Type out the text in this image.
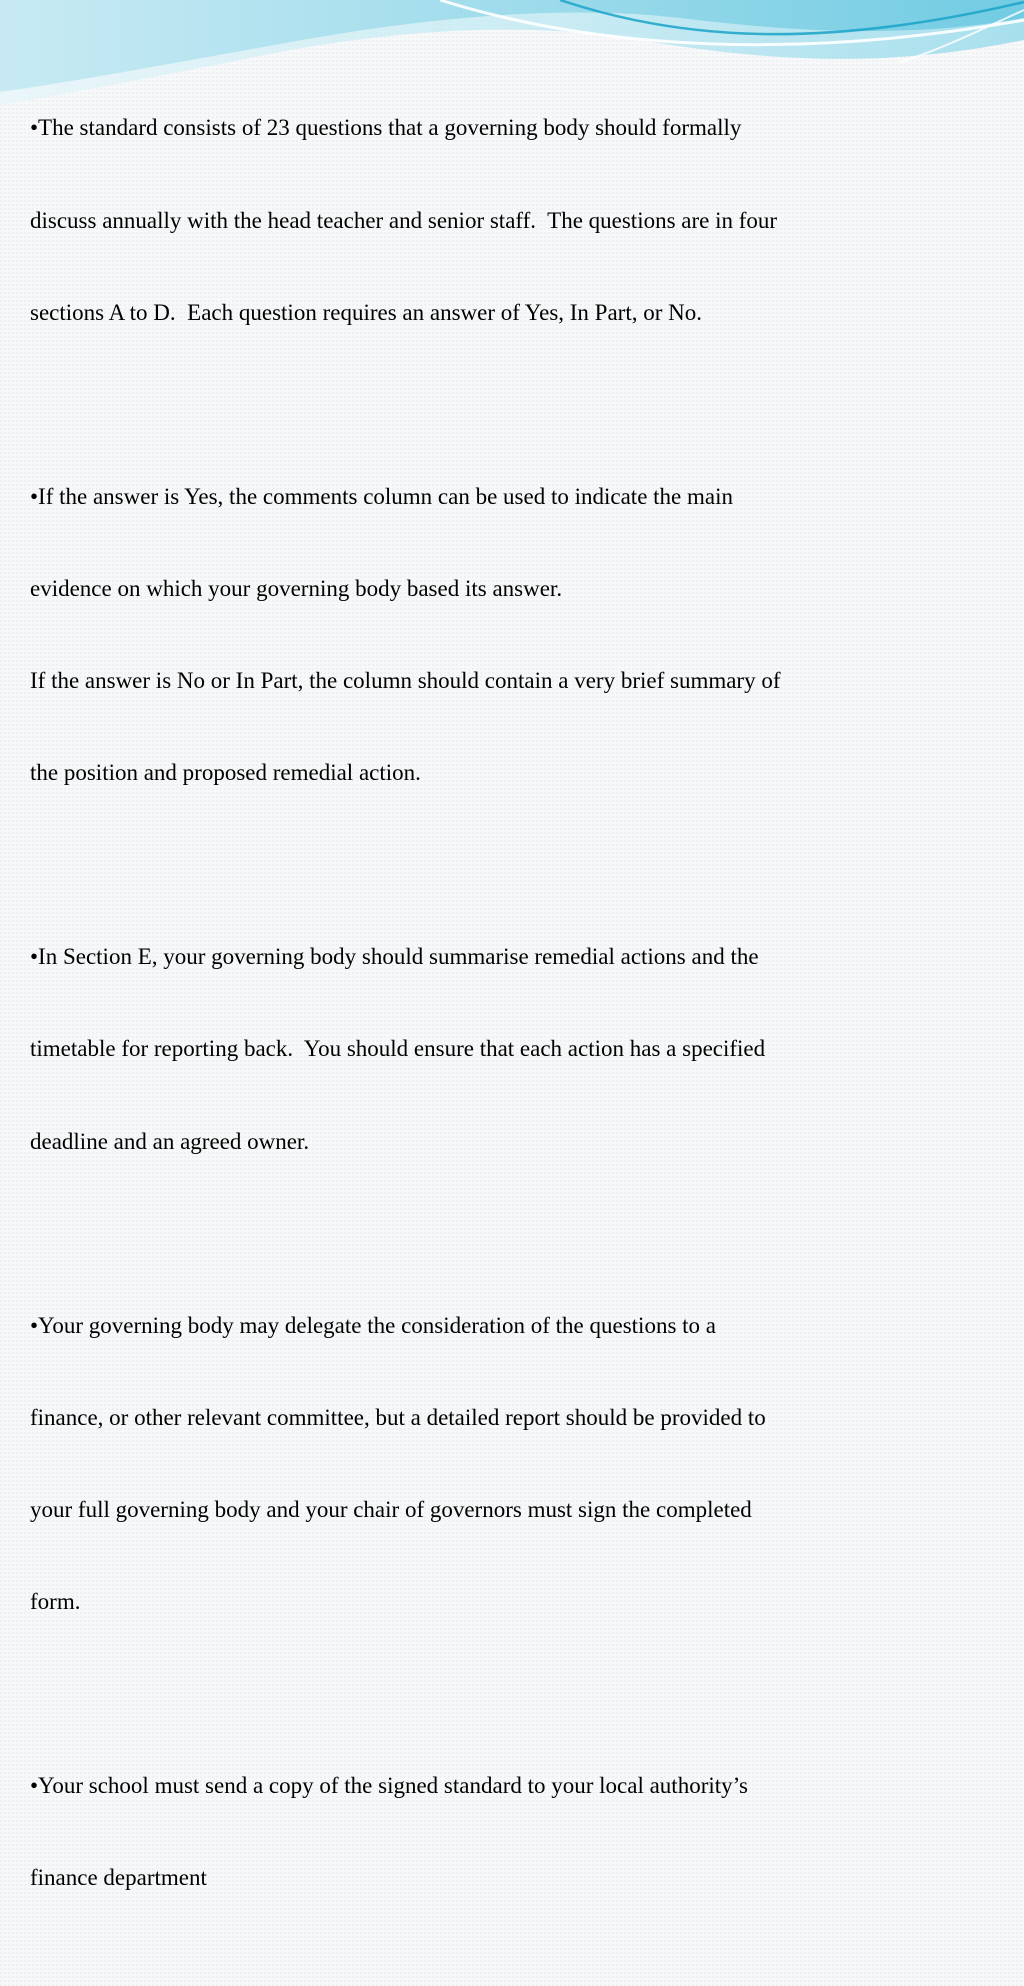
•The standard consists of 23 questions that a governing body should formally

discuss annually with the head teacher and senior staff.  The questions are in four

sections A to D.  Each question requires an answer of Yes, In Part, or No.

•If the answer is Yes, the comments column can be used to indicate the main

evidence on which your governing body based its answer.

If the answer is No or In Part, the column should contain a very brief summary of

the position and proposed remedial action.

•In Section E, your governing body should summarise remedial actions and the

timetable for reporting back.  You should ensure that each action has a specified

deadline and an agreed owner.

•Your governing body may delegate the consideration of the questions to a

finance, or other relevant committee, but a detailed report should be provided to

your full governing body and your chair of governors must sign the completed

form.

•Your school must send a copy of the signed standard to your local authority’s

finance department
